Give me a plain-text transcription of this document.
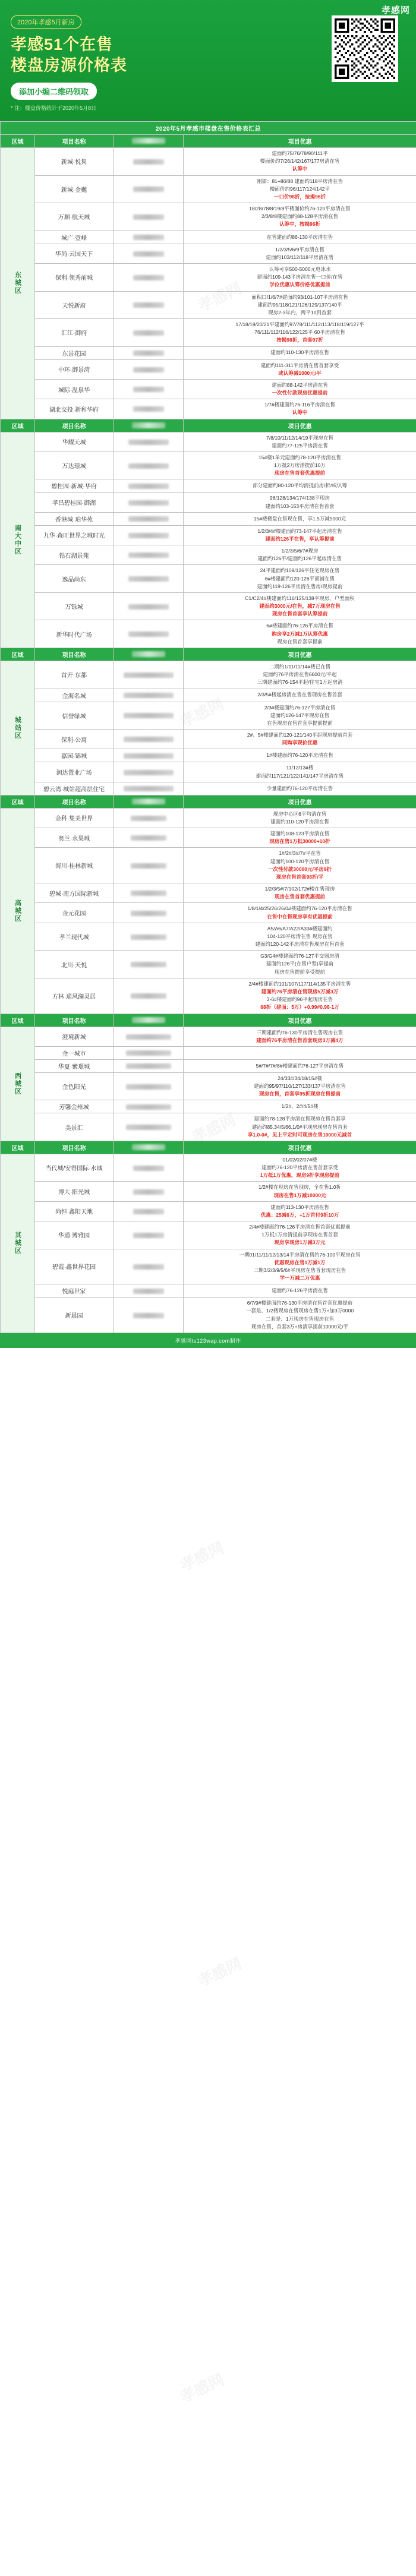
孝感网
2020年孝感5月新房
孝感51个在售
楼盘房源价格表
添加小编二维码领取
* 注：楼盘价格统计于2020年5月8日
2020年5月孝感市楼盘在售价格表汇总			
区域	项目名称		项目优惠
东城区	新城·悦隽		建面约75/76/78/90/111平
楼面价约7/26/142/167/177房清在售
认筹中

	新城·金樾		刚需：81+86/88 建面约118平房清在售
楼面价约96/117/124/142平
一口价98折，按揭96折

	万顺·航天城		18/28/78/8/19/8平楼面价约76-120平房清在售
2/3/8/8楼建面约88-128平房清在售
认筹中，按揭96折

	城广·壹峰		在售建面约86-130平房清在售

	华尚·云国天下		1/2/3/5/6/9平房清在售
建面约103/112/118平房清在售

	保利·领秀前城		认筹可享500-5000元电冰水
建面约109-143平房清在售一口价/在售
学位优惠认筹价格优惠提前

	天悦新府		面积口/1/6/7#建面约93/101-107平房清在售
建面约95/118/121/126/129/137/140平
现房2-3年内，两平10到首套

	汇江·御府		17/18/19/20/21平建面约97/78/111/112/113/118/119/127平
76/111/112/116/122/125平 60平房清在售
按揭98折，首套97折

	东景花园		建面约110-130平房清在售

	中环·御景湾		建面约111-311平房清在售首套享受
或认筹减1000元/平

	城际·温泉华		建面约88-142平房清在售
一次性付款现房优惠提前

	湖北交投·新和华府		1/7#楼建面约76-116平房清在售
认筹中

区域	项目名称		项目优惠
南大中区	华耀天城		7/8/10/11/12/14/19平现房在售
建面约77-125平房清在售

	万达璟城		15#楼1单元建面约78-120平房清在售
1万抵2万房清提前10万
现房在售首套优惠提前

	碧桂园·新城·华府		部分建面约80-120平均清提前房/折/或认筹

	孝昌碧桂园·御湖		98/128/134/174/138平现房
建面约103-153平房清在售首套

	香港城·珀华苑		15#楼楼盘在售现在售，享1.5万减5000元

	九华·森旺世界之城时光		1/2/3/4#楼建面约73-147平起房清在售
建面约126平在售，享认筹提前

	钻石湖景苑		1/2/3/5/6/7#现房
建面约126平/建面约126平起房清在售

	逸品尚东		24平建面约109/126平住宅现房在售
6#楼建面约120-126平商铺在售
建面约119-126平房清在售房/现房提前

	万铄城		C1/C2/4#楼建面约116/125/138平现房，户型面积
建面约3000元/在售，减7万现房在售
现房在售首套享认筹提前

	新华时代广场		6#楼建面约76-126平房清在售
购房享2万减1万认筹优惠
现房在售首套享提前

区域	项目名称		项目优惠
城站区	首开·东都		二期约1/11/11/14#楼已在售
建面约76平房清在售6600元/平起
三期建面约76-154平起/住宅1万起房清

	金海名城		2/3/5#楼起房清在售在售现房在售首套

	信誉绿城		2/3#楼建面约76-127平房清在售
建面约126-147平现房在售
在售现房在售首套享提前提前

	保利·公寓		2#、5#楼建面约120-121/140平起现房提前首套
同购享现价优惠

	嘉园·锦城		1#楼建面约76-120平房清在售

	润达置业广场		11/12/13#楼
建面约117/121/122/141/147平房清在售

	碧云湾·城站超高层住宅		少量建面约76-120平房清在售

区域	项目名称		项目优惠
高城区	金科·集美世界		现房中心区6平均清在售
建面约110-120平房清在售

	奥兰·水果城		建面约108-123平房清在售
现房在售1万抵30000+10折

	海川·桂林新城		1#/2#/3#/7#平在售
建面约100-120平房清在售
一次性付款30000元/平房9折
现房在售首套98折/平

	碧城·南方国际新城		1/2/3/5#/7/102/172#楼在售现房
现房在售首套优惠提前

	金元花园		1/8/1/4/25/26/26/0#楼建面约76-120平房清在售
在售中在售现房享有优惠提前

	孝兰现代城		A5/A6/A7/A22/A33#楼建面约
104-120平房清在售 现房在售
建面约120-142平房清在售现房在售首套

	北川·天悦		G3/G4#楼建面约76-127平交器房清
建面约126平(在售户型)享提前
现房在售提前享受提前

	方林·通风澜灵居		2/4#楼建面约101/107/117/114/135平房清在售
建面约76平房清在售现房5万减3万
3-6#楼建面约96平起现房在售
68折（建面：5万）+0.99#0.98-1万

区域	项目名称		项目优惠
西城区	澄境新城		三期建面约76-130平房清在售现房在售
建面约76平房清在售首套现房3万减4万

	金一城市		

	华夏·紫璟城		5#/7#/7#/8#楼建面约76-127平房清在售

	金色阳光		24/33#/34/18/15#楼
建面约95/97/110/127/133/137平房清在售
现房在售，首套享95折现房在售提前

	芳馨金州城		1/2#、2#/4/5#楼

	美景汇		建面约78-128平房清在售现房在售首套享
建面约85.34/5/66.1/0#平现房现房在售首套
享1.0-0#，见上平定时可现房在售10000元减首

区域	项目名称		项目优惠
其城区	当代城/安得国际·水城		01/02/02/07#楼
建面约76-120平房清在售首套享受
1万抵1万优惠，现房9折享现房提前

	博大·阳光城		1/2#楼在现房在售现房，全在售1.0折
现房在售1万减10000元

	尚恒·鑫阳天地		建面约113-130平房清在售
优惠：25减6万，+1万首付9折10万

	华通·博雅园		2/4#楼建面约76-126平房清在售首套优惠提前
1万抵1万房清提前享现房在售首套
现房享现房1万减3万元

	碧霞·鑫世界花园		一期01/11/11/12/13/14平房清在售约76-100平现房在售
优惠现房在售1万减1万
三期3/2/3/9/5/6#平现房在售首套现房在售
学一万减二万优惠

	悦庭世家		建面约76-126平房清在售

	新晨园		6/7/9#楼建面约76-130平房清在售首套优惠提前
一套是、1/2楼现房在售现房在售1万+加3万0000
二套是、1万现房在售现房在售
现房在售，首套3万+房清享提前10000元/平
孝感网ts123wap.com制作
